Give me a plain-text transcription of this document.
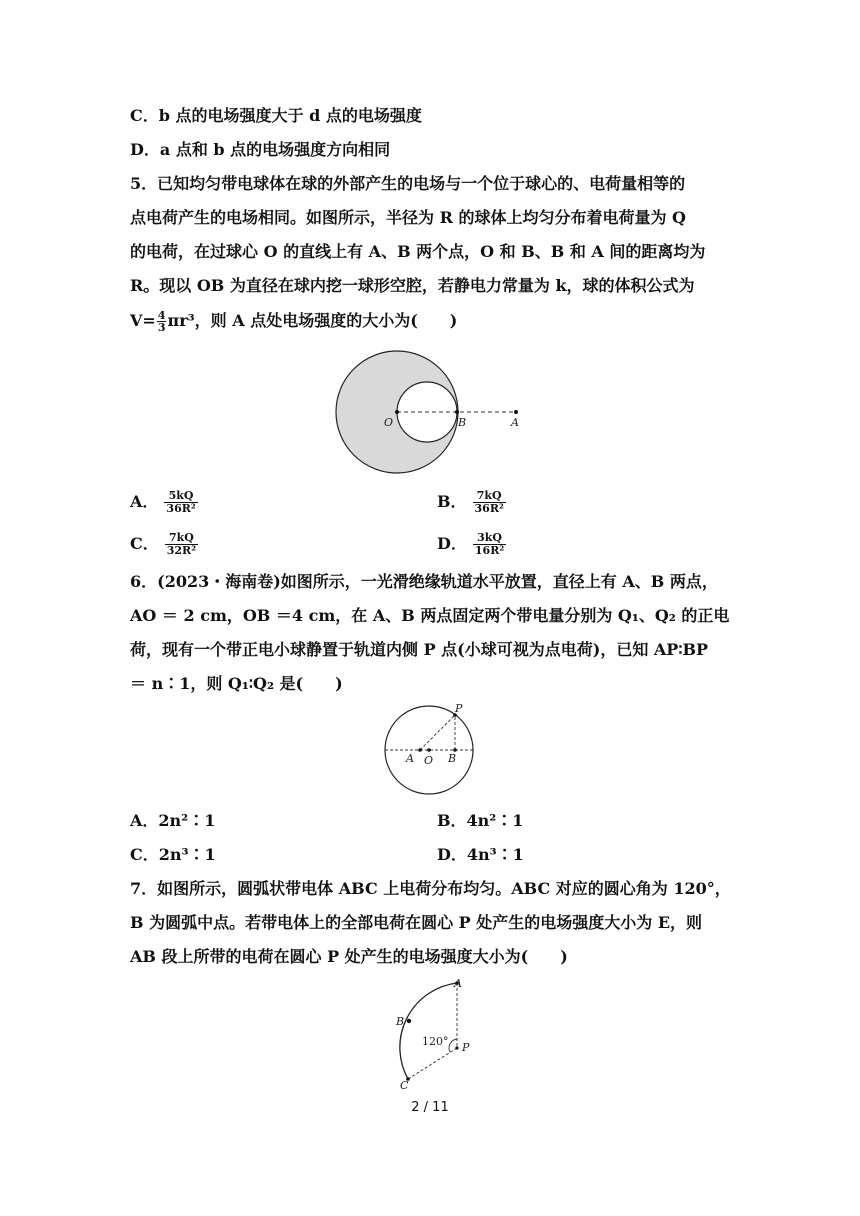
C．b 点的电场强度大于 d 点的电场强度
D．a 点和 b 点的电场强度方向相同
5．已知均匀带电球体在球的外部产生的电场与一个位于球心的、电荷量相等的
点电荷产生的电场相同。如图所示，半径为 R 的球体上均匀分布着电荷量为 Q
的电荷，在过球心 O 的直线上有 A、B 两个点，O 和 B、B 和 A 间的距离均为
R。现以 OB 为直径在球内挖一球形空腔，若静电力常量为 k，球的体积公式为
$V= \frac{4}{3} \pi r^3$，则 A 点处电场强度的大小为(　　)
O	B	A
A． $\frac{5kQ}{\text{36R²}}$	B． $\frac{7kQ}{\text{36R²}}$
C． $\frac{7kQ}{\text{32R²}}$	D． $\frac{3kQ}{\text{16R²}}$
6．(2023・海南卷)如图所示，一光滑绝缘轨道水平放置，直径上有 A、B 两点，
AO ＝ 2 cm，OB ＝4 cm，在 A、B 两点固定两个带电量分别为 Q₁、Q₂ 的正电
荷，现有一个带正电小球静置于轨道内侧 P 点(小球可视为点电荷)，已知 AP∶BP
＝ n∶1，则 Q₁∶Q₂ 是(　　)
P
A O B
A．2n²∶1	B．4n²∶1
C．2n³∶1	D．4n³∶1
7．如图所示，圆弧状带电体 ABC 上电荷分布均匀。ABC 对应的圆心角为 120°，
B 为圆弧中点。若带电体上的全部电荷在圆心 P 处产生的电场强度大小为 E，则
AB 段上所带的电荷在圆心 P 处产生的电场强度大小为(　　)
A
B
C
P
120°
2 / 11
